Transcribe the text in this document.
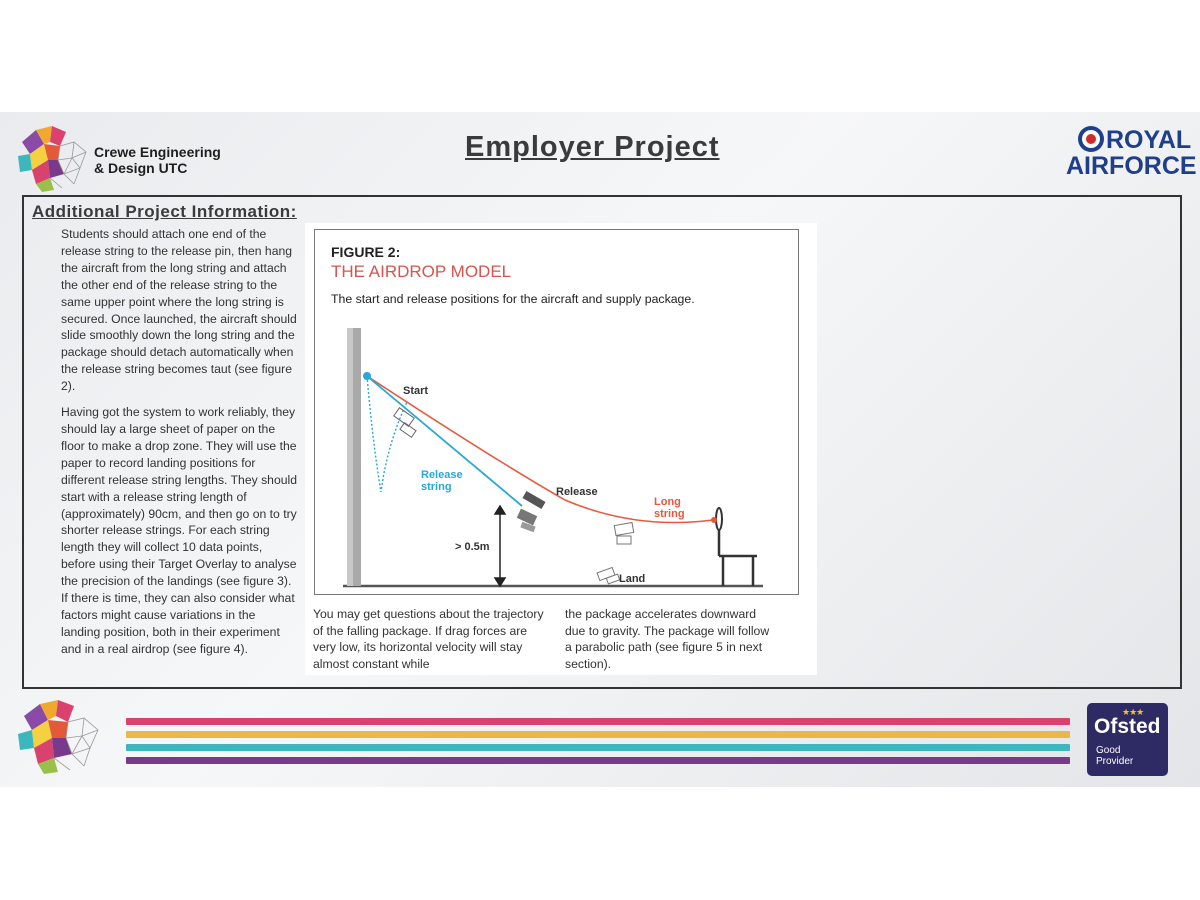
Crewe Engineering
& Design UTC
Employer Project	ROYAL
AIRFORCE
Additional Project Information:

Students should attach one end of the release string to the release pin, then hang the aircraft from the long string and attach the other end of the release string to the same upper point where the long string is secured. Once launched, the aircraft should slide smoothly down the long string and the package should detach automatically when the release string becomes taut (see figure 2).

Having got the system to work reliably, they should lay a large sheet of paper on the floor to make a drop zone. They will use the paper to record landing positions for different release string lengths. They should start with a release string length of (approximately) 90cm, and then go on to try shorter release strings. For each string length they will collect 10 data points, before using their Target Overlay to analyse the precision of the landings (see figure 3). If there is time, they can also consider what factors might cause variations in the landing position, both in their experiment and in a real airdrop (see figure 4).

FIGURE 2:
THE AIRDROP MODEL
The start and release positions for the aircraft and supply package.
Start
Release
string	Release
Long
string
> 0.5m
Land
You may get questions about the trajectory of the falling package. If drag forces are very low, its horizontal velocity will stay almost constant while
the package accelerates downward due to gravity. The package will follow a parabolic path (see figure 5 in next section).
★★★
Ofsted
Good
Provider
